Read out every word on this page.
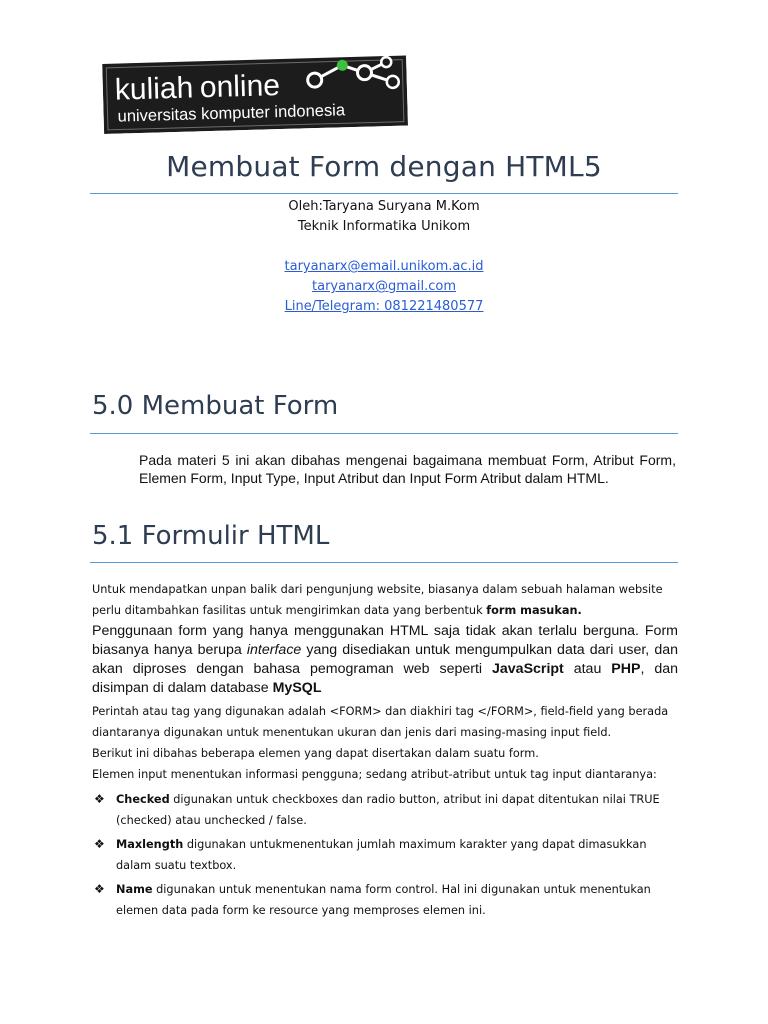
kuliah online
universitas komputer indonesia
Membuat Form dengan HTML5
Oleh:Taryana Suryana M.Kom
Teknik Informatika Unikom
taryanarx@email.unikom.ac.id
taryanarx@gmail.com
Line/Telegram: 081221480577
5.0 Membuat Form

Pada materi 5 ini akan dibahas mengenai bagaimana membuat Form, Atribut Form, Elemen Form, Input Type, Input Atribut dan Input Form Atribut dalam HTML.

5.1 Formulir HTML

Untuk mendapatkan unpan balik dari pengunjung website, biasanya dalam sebuah halaman website perlu ditambahkan fasilitas untuk mengirimkan data yang berbentuk form masukan.

Penggunaan form yang hanya menggunakan HTML saja tidak akan terlalu berguna. Form biasanya hanya berupa interface yang disediakan untuk mengumpulkan data dari user, dan akan diproses dengan bahasa pemograman web seperti JavaScript atau PHP, dan disimpan di dalam database MySQL

Perintah atau tag yang digunakan adalah <FORM> dan diakhiri tag </FORM>, field-field yang berada diantaranya digunakan untuk menentukan ukuran dan jenis dari masing-masing input field.

Berikut ini dibahas beberapa elemen yang dapat disertakan dalam suatu form.

Elemen input menentukan informasi pengguna; sedang atribut-atribut untuk tag input diantaranya:

❖ Checked digunakan untuk checkboxes dan radio button, atribut ini dapat ditentukan nilai TRUE (checked) atau unchecked / false.
❖ Maxlength digunakan untukmenentukan jumlah maximum karakter yang dapat dimasukkan dalam suatu textbox.
❖ Name digunakan untuk menentukan nama form control. Hal ini digunakan untuk menentukan elemen data pada form ke resource yang memproses elemen ini.
